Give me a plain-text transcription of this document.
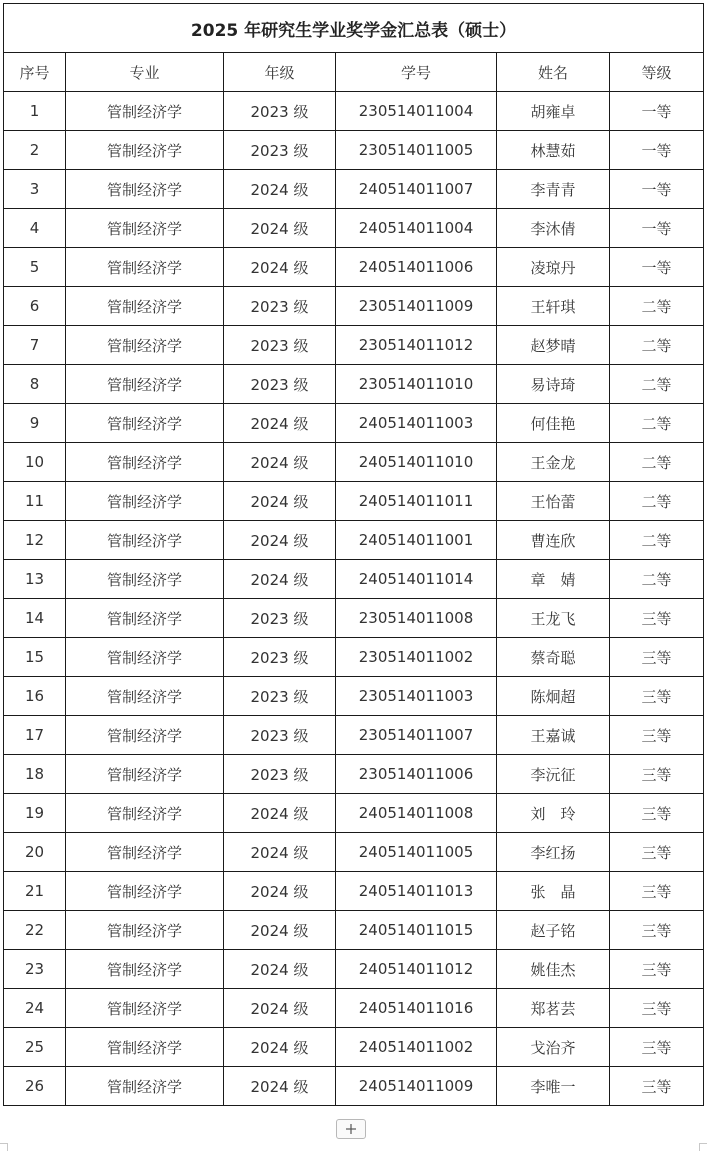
2025 年研究生学业奖学金汇总表（硕士）					
序号	专业	年级	学号	姓名	等级
1	管制经济学	2023 级	230514011004	胡雍卓	一等
2	管制经济学	2023 级	230514011005	林慧茹	一等
3	管制经济学	2024 级	240514011007	李青青	一等
4	管制经济学	2024 级	240514011004	李沐倩	一等
5	管制经济学	2024 级	240514011006	凌琼丹	一等
6	管制经济学	2023 级	230514011009	王轩琪	二等
7	管制经济学	2023 级	230514011012	赵梦晴	二等
8	管制经济学	2023 级	230514011010	易诗琦	二等
9	管制经济学	2024 级	240514011003	何佳艳	二等
10	管制经济学	2024 级	240514011010	王金龙	二等
11	管制经济学	2024 级	240514011011	王怡蕾	二等
12	管制经济学	2024 级	240514011001	曹连欣	二等
13	管制经济学	2024 级	240514011014	章　婧	二等
14	管制经济学	2023 级	230514011008	王龙飞	三等
15	管制经济学	2023 级	230514011002	蔡奇聪	三等
16	管制经济学	2023 级	230514011003	陈炯超	三等
17	管制经济学	2023 级	230514011007	王嘉诚	三等
18	管制经济学	2023 级	230514011006	李沅征	三等
19	管制经济学	2024 级	240514011008	刘　玲	三等
20	管制经济学	2024 级	240514011005	李红扬	三等
21	管制经济学	2024 级	240514011013	张　晶	三等
22	管制经济学	2024 级	240514011015	赵子铭	三等
23	管制经济学	2024 级	240514011012	姚佳杰	三等
24	管制经济学	2024 级	240514011016	郑茗芸	三等
25	管制经济学	2024 级	240514011002	戈治齐	三等
26	管制经济学	2024 级	240514011009	李唯一	三等
